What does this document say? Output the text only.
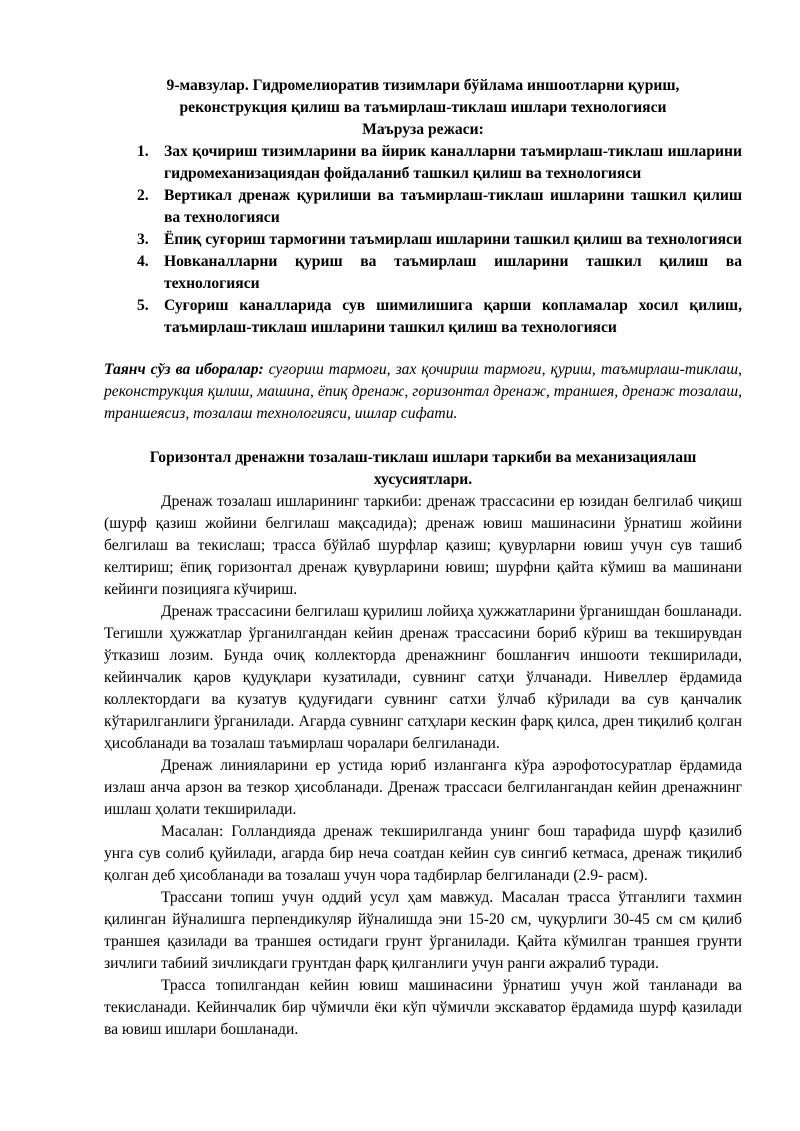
9-мавзулар. Гидромелиоратив тизимлари бўйлама иншоотларни қуриш,

реконструкция қилиш ва таъмирлаш-тиклаш ишлари технологияси

Маъруза режаси:

1. Зах қочириш тизимларини ва йирик каналларни таъмирлаш-тиклаш ишларини гидромеханизациядан фойдаланиб ташкил қилиш ва технологияси
2. Вертикал дренаж қурилиши ва таъмирлаш-тиклаш ишларини ташкил қилиш ва технологияси
3. Ёпиқ суғориш тармоғини таъмирлаш ишларини ташкил қилиш ва технологияси
4. Новканалларни қуриш ва таъмирлаш ишларини ташкил қилиш ва технологияси
5. Суғориш каналларида сув шимилишига қарши копламалар хосил қилиш, таъмирлаш-тиклаш ишларини ташкил қилиш ва технологияси

Таянч сўз ва иборалар: суғориш тармоғи, зах қочириш тармоғи, қуриш, таъмирлаш-тиклаш, реконструкция қилиш, машина, ёпиқ дренаж, горизонтал дренаж, траншея, дренаж тозалаш, траншеясиз, тозалаш технологияси, ишлар сифати.

Горизонтал дренажни тозалаш-тиклаш ишлари таркиби ва механизациялаш хусусиятлари.

Дренаж тозалаш ишларининг таркиби: дренаж трассасини ер юзидан белгилаб чиқиш (шурф қазиш жойини белгилаш мақсадида); дренаж ювиш машинасини ўрнатиш жойини белгилаш ва текислаш; трасса бўйлаб шурфлар қазиш; қувурларни ювиш учун сув ташиб келтириш; ёпиқ горизонтал дренаж қувурларини ювиш; шурфни қайта кўмиш ва машинани кейинги позицияга кўчириш.

Дренаж трассасини белгилаш қурилиш лойиҳа ҳужжатларини ўрганишдан бошланади. Тегишли ҳужжатлар ўрганилгандан кейин дренаж трассасини бориб кўриш ва текширувдан ўтказиш лозим. Бунда очиқ коллекторда дренажнинг бошланғич иншооти текширилади, кейинчалик қаров қудуқлари кузатилади, сувнинг сатҳи ўлчанади. Нивеллер ёрдамида коллектордаги ва кузатув қудуғидаги сувнинг сатхи ўлчаб кўрилади ва сув қанчалик кўтарилганлиги ўрганилади. Агарда сувнинг сатҳлари кескин фарқ қилса, дрен тиқилиб қолган ҳисобланади ва тозалаш таъмирлаш чоралари белгиланади.

Дренаж линияларини ер устида юриб изланганга кўра аэрофотосуратлар ёрдамида излаш анча арзон ва тезкор ҳисобланади. Дренаж трассаси белгилангандан кейин дренажнинг ишлаш ҳолати текширилади.

Масалан: Голландияда дренаж текширилганда унинг бош тарафида шурф қазилиб унга сув солиб қуйилади, агарда бир неча соатдан кейин сув сингиб кетмаса, дренаж тиқилиб қолган деб ҳисобланади ва тозалаш учун чора тадбирлар белгиланади (2.9- расм).

Трассани топиш учун оддий усул ҳам мавжуд. Масалан трасса ўтганлиги тахмин қилинган йўналишга перпендикуляр йўналишда эни 15-20 см, чуқурлиги 30-45 см см қилиб траншея қазилади ва траншея остидаги грунт ўрганилади. Қайта кўмилган траншея грунти зичлиги табиий зичликдаги грунтдан фарқ қилганлиги учун ранги ажралиб туради.

Трасса топилгандан кейин ювиш машинасини ўрнатиш учун жой танланади ва текисланади. Кейинчалик бир чўмичли ёки кўп чўмичли экскаватор ёрдамида шурф қазилади ва ювиш ишлари бошланади.
